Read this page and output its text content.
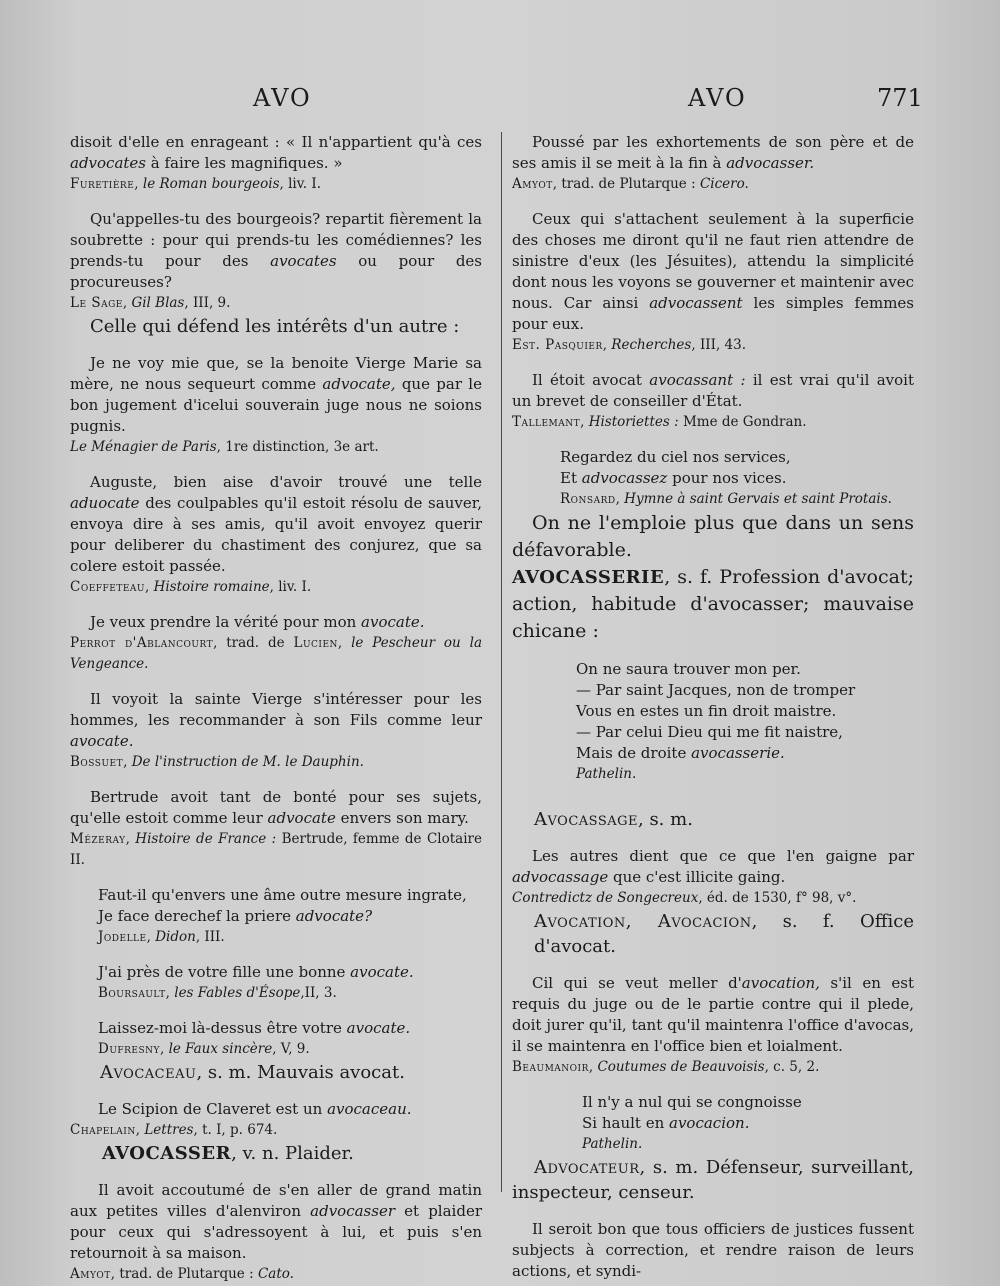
AVO	AVO	771

disoit d'elle en enrageant : « Il n'appartient qu'à ces advocates à faire les magnifiques. »

Furetière, le Roman bourgeois, liv. I.

Qu'appelles-tu des bourgeois? repartit fièrement la soubrette : pour qui prends-tu les comédiennes? les prends-tu pour des avocates ou pour des procureuses?

Le Sage, Gil Blas, III, 9.

Celle qui défend les intérêts d'un autre :

Je ne voy mie que, se la benoite Vierge Marie sa mère, ne nous sequeurt comme advocate, que par le bon jugement d'icelui souverain juge nous ne soions pugnis.

Le Ménagier de Paris, 1re distinction, 3e art.

Auguste, bien aise d'avoir trouvé une telle aduocate des coulpables qu'il estoit résolu de sauver, envoya dire à ses amis, qu'il avoit envoyez querir pour deliberer du chastiment des conjurez, que sa colere estoit passée.

Coeffeteau, Histoire romaine, liv. I.

Je veux prendre la vérité pour mon avocate.

Perrot d'Ablancourt, trad. de Lucien, le Pescheur ou la Vengeance.

Il voyoit la sainte Vierge s'intéresser pour les hommes, les recommander à son Fils comme leur avocate.

Bossuet, De l'instruction de M. le Dauphin.

Bertrude avoit tant de bonté pour ses sujets, qu'elle estoit comme leur advocate envers son mary.

Mézeray, Histoire de France : Bertrude, femme de Clotaire II.

Faut-il qu'envers une âme outre mesure ingrate,

Je face derechef la priere advocate?

Jodelle, Didon, III.

J'ai près de votre fille une bonne avocate.

Boursault, les Fables d'Ésope,II, 3.

Laissez-moi là-dessus être votre avocate.

Dufresny, le Faux sincère, V, 9.

Avocaceau, s. m. Mauvais avocat.

Le Scipion de Claveret est un avocaceau.

Chapelain, Lettres, t. I, p. 674.

AVOCASSER, v. n. Plaider.

Il avoit accoutumé de s'en aller de grand matin aux petites villes d'alenviron advocasser et plaider pour ceux qui s'adressoyent à lui, et puis s'en retournoit à sa maison.

Amyot, trad. de Plutarque : Cato.

Poussé par les exhortements de son père et de ses amis il se meit à la fin à advocasser.

Amyot, trad. de Plutarque : Cicero.

Ceux qui s'attachent seulement à la superficie des choses me diront qu'il ne faut rien attendre de sinistre d'eux (les Jésuites), attendu la simplicité dont nous les voyons se gouverner et maintenir avec nous. Car ainsi advocassent les simples femmes pour eux.

Est. Pasquier, Recherches, III, 43.

Il étoit avocat avocassant : il est vrai qu'il avoit un brevet de conseiller d'État.

Tallemant, Historiettes : Mme de Gondran.

Regardez du ciel nos services,

Et advocassez pour nos vices.

Ronsard, Hymne à saint Gervais et saint Protais.

On ne l'emploie plus que dans un sens défavorable.

AVOCASSERIE, s. f. Profession d'avocat; action, habitude d'avocasser; mauvaise chicane :

On ne saura trouver mon per.

— Par saint Jacques, non de tromper

Vous en estes un fin droit maistre.

— Par celui Dieu qui me fit naistre,

Mais de droite avocasserie.

Pathelin.

Avocassage, s. m.

Les autres dient que ce que l'en gaigne par advocassage que c'est illicite gaing.

Contredictz de Songecreux, éd. de 1530, f° 98, v°.

Avocation, Avocacion, s. f. Office d'avocat.

Cil qui se veut meller d'avocation, s'il en est requis du juge ou de le partie contre qui il plede, doit jurer qu'il, tant qu'il maintenra l'office d'avocas, il se maintenra en l'office bien et loialment.

Beaumanoir, Coutumes de Beauvoisis, c. 5, 2.

Il n'y a nul qui se congnoisse

Si hault en avocacion.

Pathelin.

Advocateur, s. m. Défenseur, surveillant, inspecteur, censeur.

Il seroit bon que tous officiers de justices fussent subjects à correction, et rendre raison de leurs actions, et syndi-
